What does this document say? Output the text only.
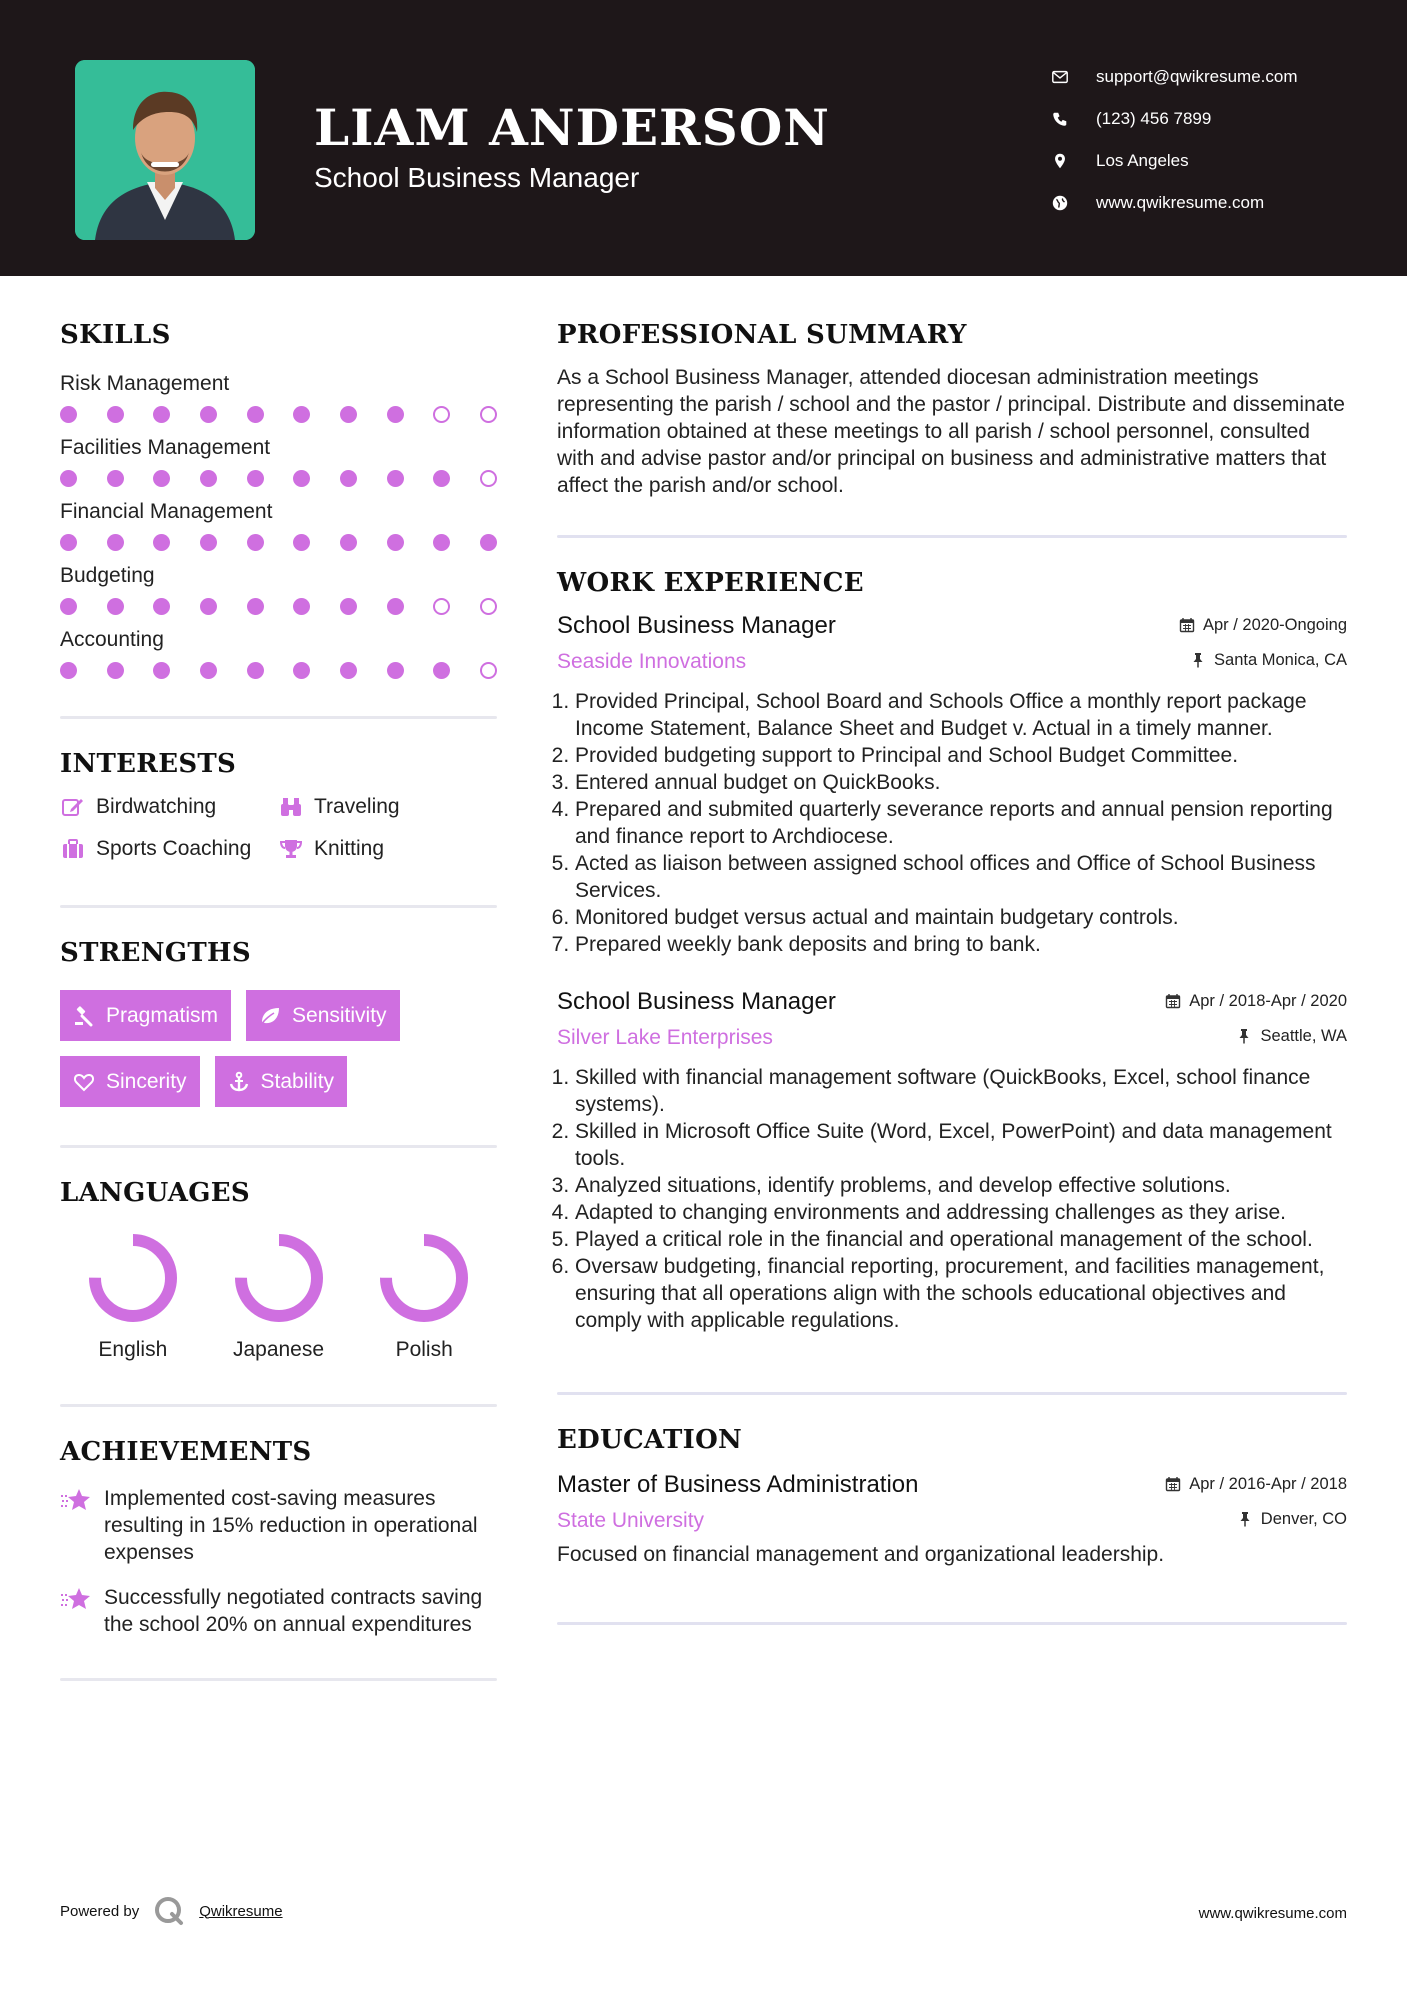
LIAM ANDERSON
School Business Manager
support@qwikresume.com
(123) 456 7899
Los Angeles
www.qwikresume.com
SKILLS
Risk Management
Facilities Management
Financial Management
Budgeting
Accounting
INTERESTS
Birdwatching	Traveling
Sports Coaching	Knitting
STRENGTHS
Pragmatism	Sensitivity
Sincerity	Stability
LANGUAGES
English	Japanese	Polish
ACHIEVEMENTS
Implemented cost-saving measures resulting in 15% reduction in operational expenses
Successfully negotiated contracts saving the school 20% on annual expenditures
PROFESSIONAL SUMMARY
As a School Business Manager, attended diocesan administration meetings representing the parish / school and the pastor / principal. Distribute and disseminate information obtained at these meetings to all parish / school personnel, consulted with and advise pastor and/or principal on business and administrative matters that affect the parish and/or school.
WORK EXPERIENCE
School Business Manager	Apr / 2020-Ongoing
Seaside Innovations	Santa Monica, CA
1. Provided Principal, School Board and Schools Office a monthly report package Income Statement, Balance Sheet and Budget v. Actual in a timely manner.
2. Provided budgeting support to Principal and School Budget Committee.
3. Entered annual budget on QuickBooks.
4. Prepared and submited quarterly severance reports and annual pension reporting and finance report to Archdiocese.
5. Acted as liaison between assigned school offices and Office of School Business Services.
6. Monitored budget versus actual and maintain budgetary controls.
7. Prepared weekly bank deposits and bring to bank.
School Business Manager	Apr / 2018-Apr / 2020
Silver Lake Enterprises	Seattle, WA
1. Skilled with financial management software (QuickBooks, Excel, school finance systems).
2. Skilled in Microsoft Office Suite (Word, Excel, PowerPoint) and data management tools.
3. Analyzed situations, identify problems, and develop effective solutions.
4. Adapted to changing environments and addressing challenges as they arise.
5. Played a critical role in the financial and operational management of the school.
6. Oversaw budgeting, financial reporting, procurement, and facilities management, ensuring that all operations align with the schools educational objectives and comply with applicable regulations.
EDUCATION
Master of Business Administration	Apr / 2016-Apr / 2018
State University	Denver, CO
Focused on financial management and organizational leadership.
Powered by	Qwikresume	www.qwikresume.com
